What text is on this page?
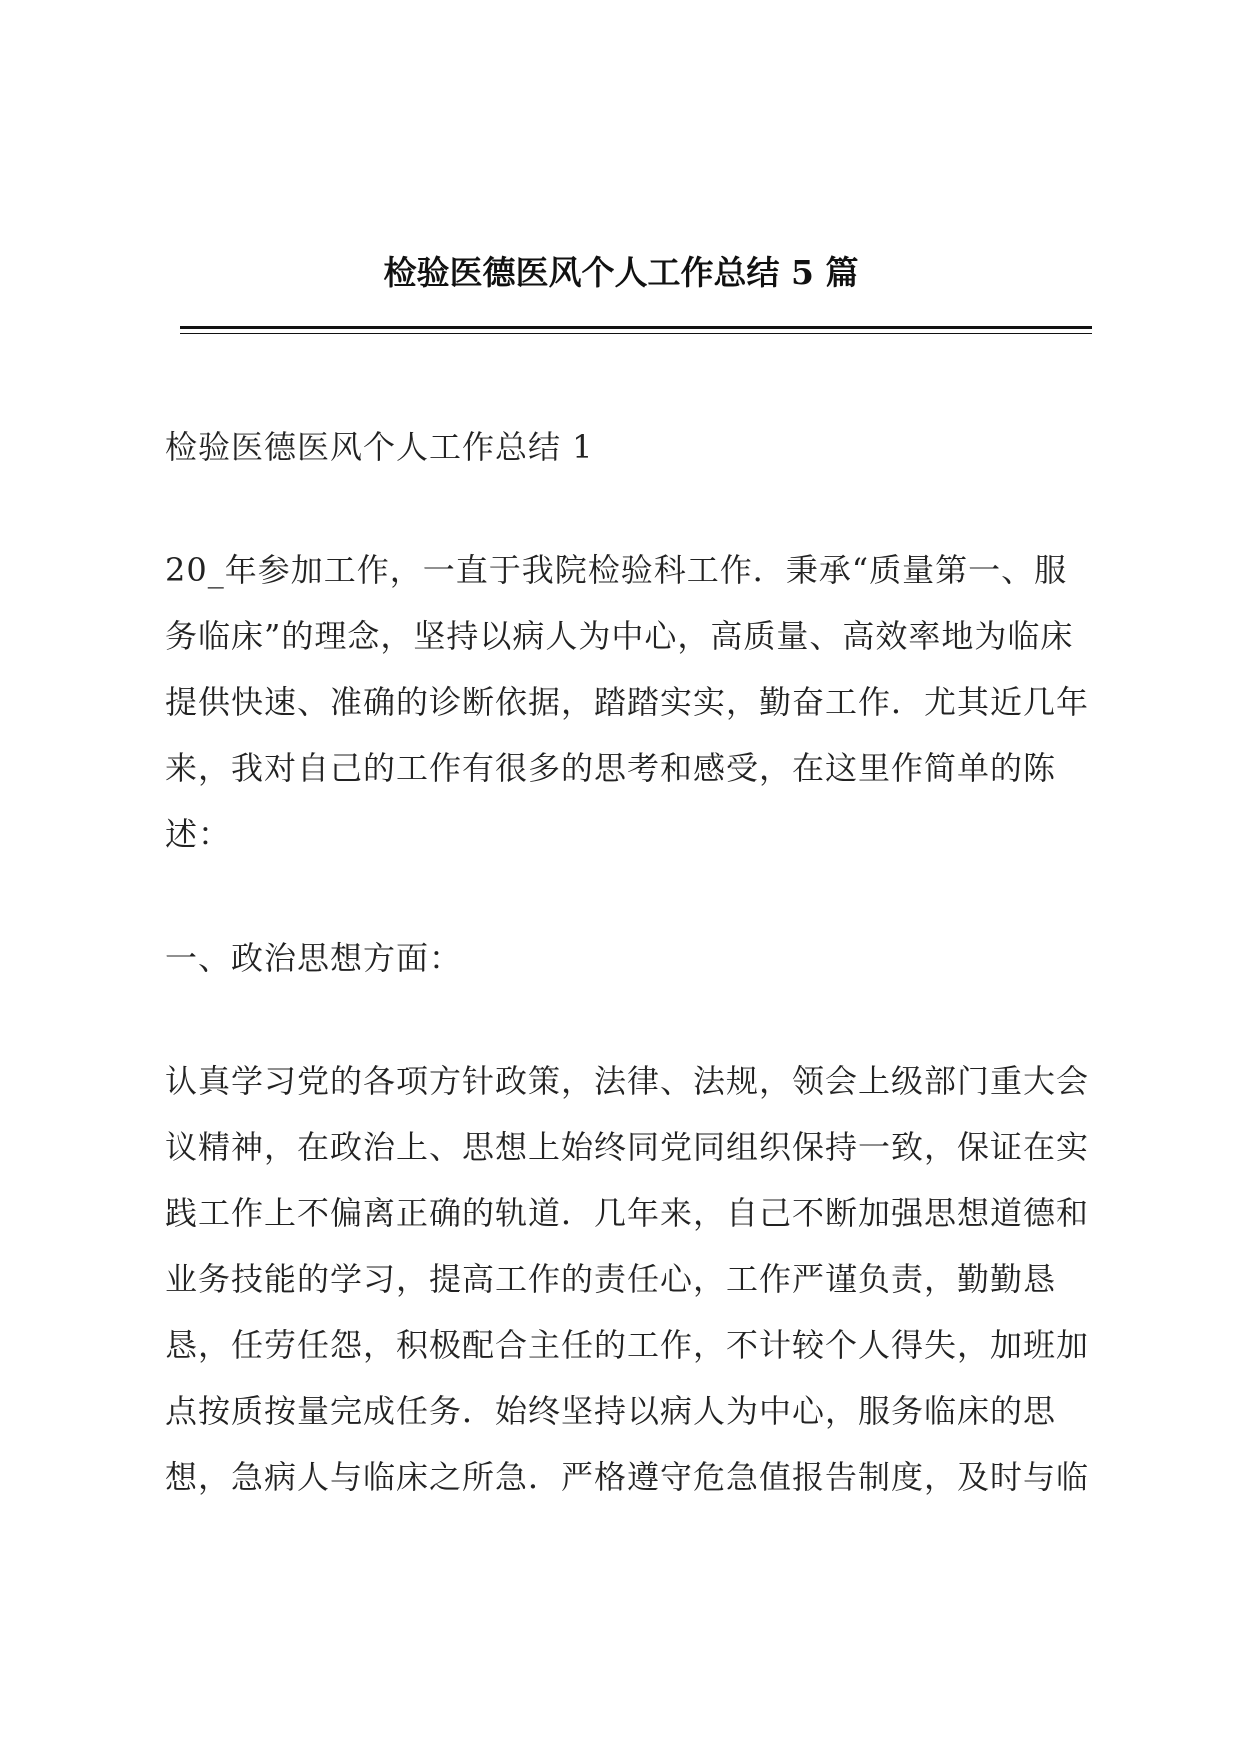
检验医德医风个人工作总结 5 篇

检验医德医风个人工作总结 1

20_年参加工作，一直于我院检验科工作．秉承“质量第一、服
务临床”的理念，坚持以病人为中心，高质量、高效率地为临床
提供快速、准确的诊断依据，踏踏实实，勤奋工作．尤其近几年
来，我对自己的工作有很多的思考和感受，在这里作简单的陈
述：

一、政治思想方面：

认真学习党的各项方针政策，法律、法规，领会上级部门重大会
议精神，在政治上、思想上始终同党同组织保持一致，保证在实
践工作上不偏离正确的轨道．几年来，自己不断加强思想道德和
业务技能的学习，提高工作的责任心，工作严谨负责，勤勤恳
恳，任劳任怨，积极配合主任的工作，不计较个人得失，加班加
点按质按量完成任务．始终坚持以病人为中心，服务临床的思
想，急病人与临床之所急．严格遵守危急值报告制度，及时与临
